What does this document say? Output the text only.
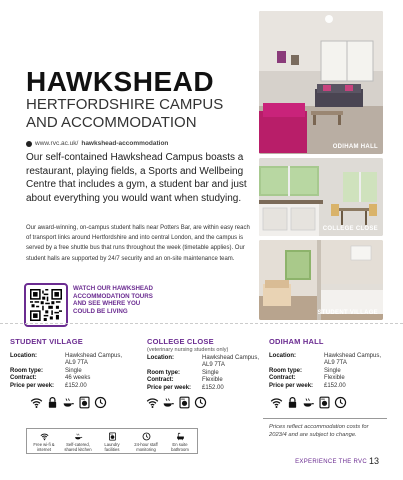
HAWKSHEAD
HERTFORDSHIRE CAMPUS AND ACCOMMODATION
www.rvc.ac.uk/ hawkshead-accommodation
Our self-contained Hawkshead Campus boasts a restaurant, playing fields, a Sports and Wellbeing Centre that includes a gym, a student bar and just about everything you would want when studying.
Our award-winning, on-campus student halls near Potters Bar, are within easy reach of transport links around Hertfordshire and into central London, and the campus is served by a free shuttle bus that runs throughout the week (timetable applies). Our student halls are supported by 24/7 security and an on-site maintenance team.
WATCH OUR HAWKSHEAD
ACCOMMODATION TOURS
AND SEE WHERE YOU
COULD BE LIVING
ODIHAM HALL
COLLEGE CLOSE
STUDENT VILLAGE
STUDENT VILLAGE
Location:	Hawkshead Campus,
AL9 7TA
Room type:	Single
Contract:	46 weeks
Price per week:	£152.00
COLLEGE CLOSE
(veterinary nursing students only)
Location:	Hawkshead Campus,
AL9 7TA
Room type:	Single
Contract:	Flexible
Price per week:	£152.00
ODIHAM HALL
Location:	Hawkshead Campus,
AL9 7TA
Room type:	Single
Contract:	Flexible
Price per week:	£152.00
Free wi-fi & internet
Self-catered, shared kitchen
Laundry facilities
24-hour staff monitoring
En suite bathroom
Prices reflect accommodation costs for 2023/4 and are subject to change.
EXPERIENCE THE RVC 13
